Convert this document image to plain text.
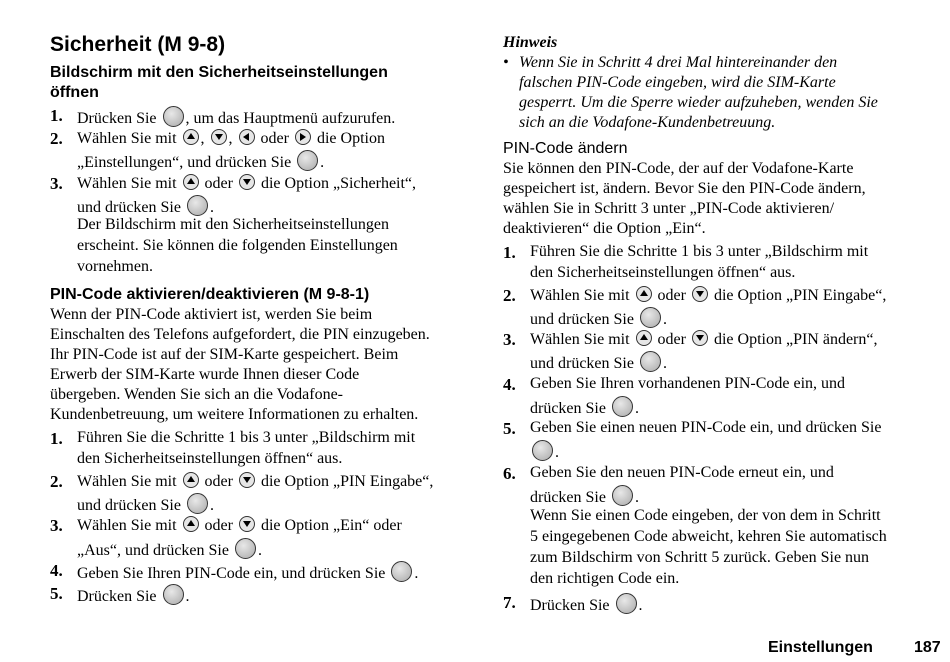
Sicherheit (M 9-8)
Bildschirm mit den Sicherheitseinstellungen
öffnen
1. Drücken Sie , um das Hauptmenü aufzurufen.
2. Wählen Sie mit , , oder die Option
„Einstellungen“, und drücken Sie .
3. Wählen Sie mit oder die Option „Sicherheit“,
und drücken Sie .
Der Bildschirm mit den Sicherheitseinstellungen
erscheint. Sie können die folgenden Einstellungen
vornehmen.
PIN-Code aktivieren/deaktivieren (M 9-8-1)
Wenn der PIN-Code aktiviert ist, werden Sie beim
Einschalten des Telefons aufgefordert, die PIN einzugeben.
Ihr PIN-Code ist auf der SIM-Karte gespeichert. Beim
Erwerb der SIM-Karte wurde Ihnen dieser Code
übergeben. Wenden Sie sich an die Vodafone-
Kundenbetreuung, um weitere Informationen zu erhalten.
1. Führen Sie die Schritte 1 bis 3 unter „Bildschirm mit
den Sicherheitseinstellungen öffnen“ aus.
2. Wählen Sie mit oder die Option „PIN Eingabe“,
und drücken Sie .
3. Wählen Sie mit oder die Option „Ein“ oder
„Aus“, und drücken Sie .
4. Geben Sie Ihren PIN-Code ein, und drücken Sie .
5. Drücken Sie .
Hinweis
• Wenn Sie in Schritt 4 drei Mal hintereinander den
falschen PIN-Code eingeben, wird die SIM-Karte
gesperrt. Um die Sperre wieder aufzuheben, wenden Sie
sich an die Vodafone-Kundenbetreuung.
PIN-Code ändern
Sie können den PIN-Code, der auf der Vodafone-Karte
gespeichert ist, ändern. Bevor Sie den PIN-Code ändern,
wählen Sie in Schritt 3 unter „PIN-Code aktivieren/
deaktivieren“ die Option „Ein“.
1. Führen Sie die Schritte 1 bis 3 unter „Bildschirm mit
den Sicherheitseinstellungen öffnen“ aus.
2. Wählen Sie mit oder die Option „PIN Eingabe“,
und drücken Sie .
3. Wählen Sie mit oder die Option „PIN ändern“,
und drücken Sie .
4. Geben Sie Ihren vorhandenen PIN-Code ein, und
drücken Sie .
5. Geben Sie einen neuen PIN-Code ein, und drücken Sie
.
6. Geben Sie den neuen PIN-Code erneut ein, und
drücken Sie .
Wenn Sie einen Code eingeben, der von dem in Schritt
5 eingegebenen Code abweicht, kehren Sie automatisch
zum Bildschirm von Schritt 5 zurück. Geben Sie nun
den richtigen Code ein.
7. Drücken Sie .
Einstellungen	187
